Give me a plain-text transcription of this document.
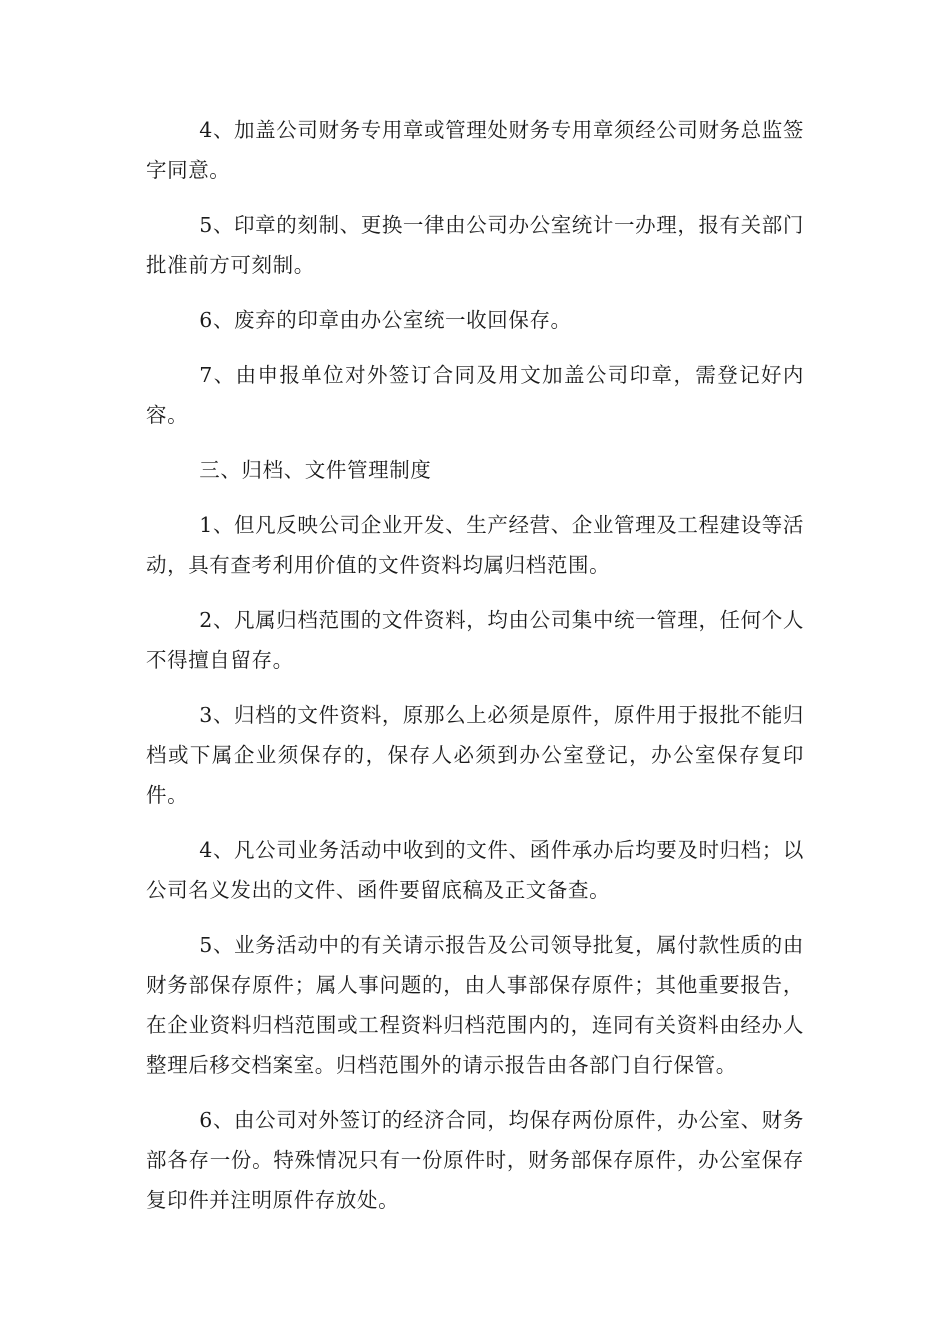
4、加盖公司财务专用章或管理处财务专用章须经公司财务总监签字同意。

5、印章的刻制、更换一律由公司办公室统计一办理，报有关部门批准前方可刻制。

6、废弃的印章由办公室统一收回保存。

7、由申报单位对外签订合同及用文加盖公司印章，需登记好内容。

三、归档、文件管理制度

1、但凡反映公司企业开发、生产经营、企业管理及工程建设等活动，具有查考利用价值的文件资料均属归档范围。

2、凡属归档范围的文件资料，均由公司集中统一管理，任何个人不得擅自留存。

3、归档的文件资料，原那么上必须是原件，原件用于报批不能归档或下属企业须保存的，保存人必须到办公室登记，办公室保存复印件。

4、凡公司业务活动中收到的文件、函件承办后均要及时归档；以公司名义发出的文件、函件要留底稿及正文备查。

5、业务活动中的有关请示报告及公司领导批复，属付款性质的由财务部保存原件；属人事问题的，由人事部保存原件；其他重要报告，在企业资料归档范围或工程资料归档范围内的，连同有关资料由经办人整理后移交档案室。归档范围外的请示报告由各部门自行保管。

6、由公司对外签订的经济合同，均保存两份原件，办公室、财务部各存一份。特殊情况只有一份原件时，财务部保存原件，办公室保存复印件并注明原件存放处。
